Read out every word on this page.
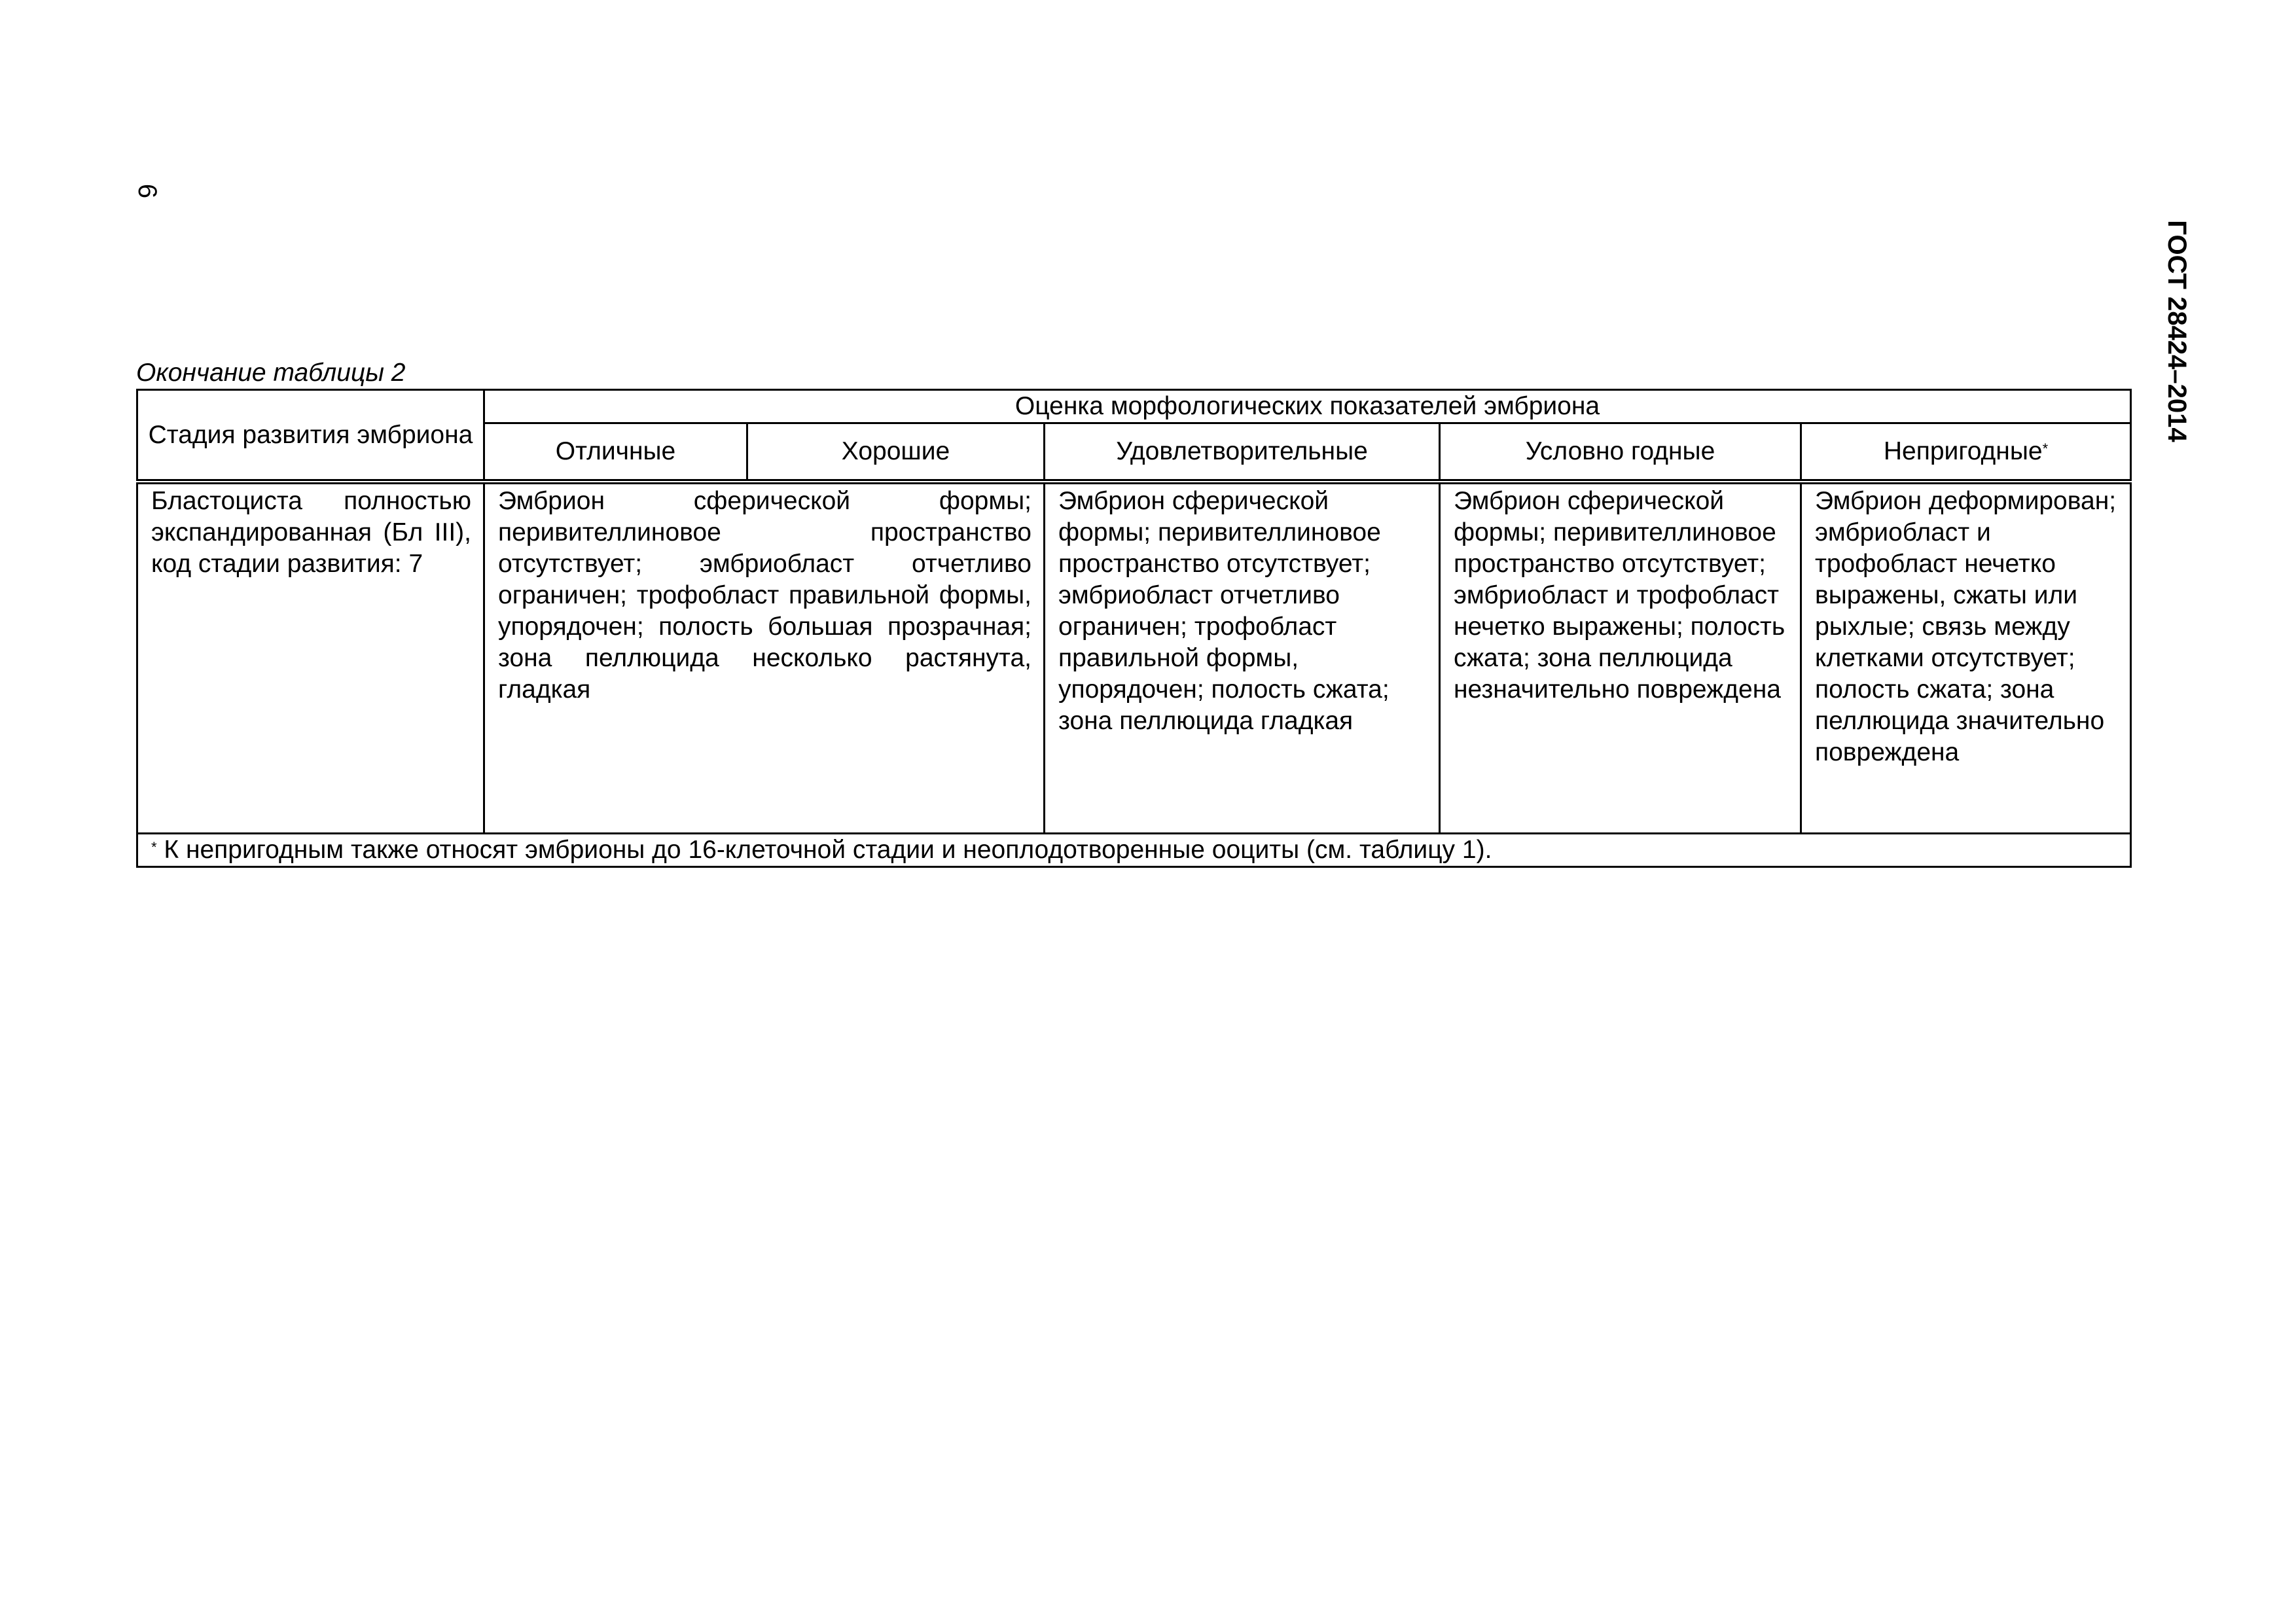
6
ГОСТ 28424–2014
Окончание таблицы 2
Стадия развития эмбриона	Оценка морфологических показателей эмбриона				
	Отличные	Хорошие	Удовлетворительные	Условно годные	Непригодные*
Бластоциста полностью экспандированная (Бл III), код стадии развития: 7	Эмбрион сферической формы; перивителлиновое пространство отсутствует; эмбриобласт отчетливо ограничен; трофобласт правильной формы, упорядочен; полость большая прозрачная; зона пеллюцида несколько растянута, гладкая		Эмбрион сферической формы; перивителлиновое пространство отсутствует; эмбриобласт отчетливо ограничен; трофобласт правильной формы, упорядочен; полость сжата; зона пеллюцида гладкая	Эмбрион сферической формы; перивителлиновое пространство отсутствует; эмбриобласт и трофобласт нечетко выражены; полость сжата; зона пеллюцида незначительно повреждена	Эмбрион деформирован; эмбриобласт и трофобласт нечетко выражены, сжаты или рыхлые; связь между клетками отсутствует; полость сжата; зона пеллюцида значительно повреждена
* К непригодным также относят эмбрионы до 16-клеточной стадии и неоплодотворенные ооциты (см. таблицу 1).					
